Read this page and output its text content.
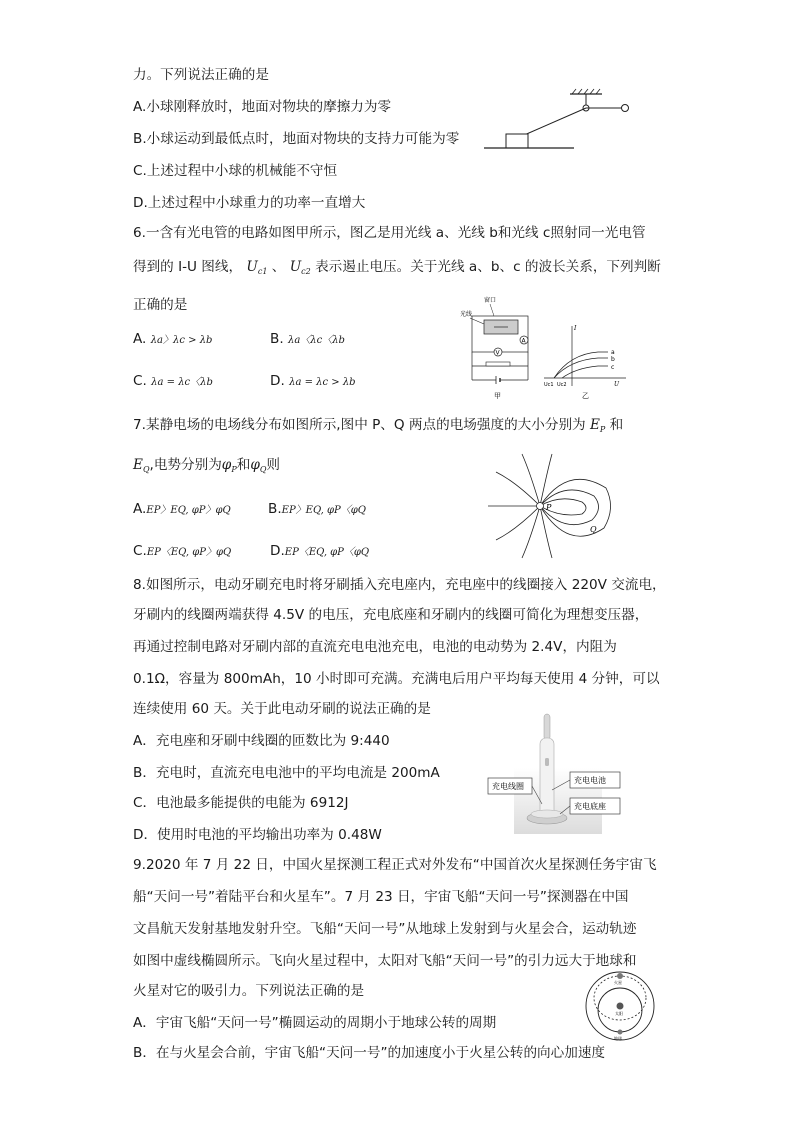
力。下列说法正确的是
A.小球刚释放时，地面对物块的摩擦力为零
B.小球运动到最低点时，地面对物块的支持力可能为零
C.上述过程中小球的机械能不守恒
D.上述过程中小球重力的功率一直增大
6.一含有光电管的电路如图甲所示，图乙是用光线 a、光线 b和光线 c照射同一光电管
得到的 I-U 图线， $U_{c1}$ 、 $U_{c2}$ 表示遏止电压。关于光线 a、b、c 的波长关系，下列判断
正确的是
A. λa〉λc > λb	B. λa〈λc〈λb
C. λa = λc〈λb	D. λa = λc > λb
窗口
光线
A
V
甲
I
U
a
b
c
Uc1 Uc2
乙
7.某静电场的电场线分布如图所示,图中 P、Q 两点的电场强度的大小分别为 $E_P$ 和
$E_Q$,电势分别为$\varphi_P$和$\varphi_Q$则
A.EP〉EQ, φP〉φQ	B.EP〉EQ, φP〈φQ
C.EP〈EQ, φP〉φQ	D.EP〈EQ, φP〈φQ
P
Q
8.如图所示，电动牙刷充电时将牙刷插入充电座内，充电座中的线圈接入 220V 交流电，
牙刷内的线圈两端获得 4.5V 的电压，充电底座和牙刷内的线圈可简化为理想变压器，
再通过控制电路对牙刷内部的直流充电电池充电，电池的电动势为 2.4V，内阻为
0.1Ω，容量为 800mAh，10 小时即可充满。充满电后用户平均每天使用 4 分钟，可以
连续使用 60 天。关于此电动牙刷的说法正确的是
A．充电座和牙刷中线圈的匝数比为 9:440
B．充电时，直流充电电池中的平均电流是 200mA
C．电池最多能提供的电能为 6912J
D．使用时电池的平均输出功率为 0.48W
充电线圈
充电电池
充电底座
9.2020 年 7 月 22 日，中国火星探测工程正式对外发布“中国首次火星探测任务宇宙飞
船“天问一号”着陆平台和火星车”。7 月 23 日，宇宙飞船“天问一号”探测器在中国
文昌航天发射基地发射升空。飞船“天问一号”从地球上发射到与火星会合，运动轨迹
如图中虚线椭圆所示。飞向火星过程中，太阳对飞船“天问一号”的引力远大于地球和
火星对它的吸引力。下列说法正确的是
A．宇宙飞船“天问一号”椭圆运动的周期小于地球公转的周期
B．在与火星会合前，宇宙飞船“天问一号”的加速度小于火星公转的向心加速度
火星
太阳
地球
